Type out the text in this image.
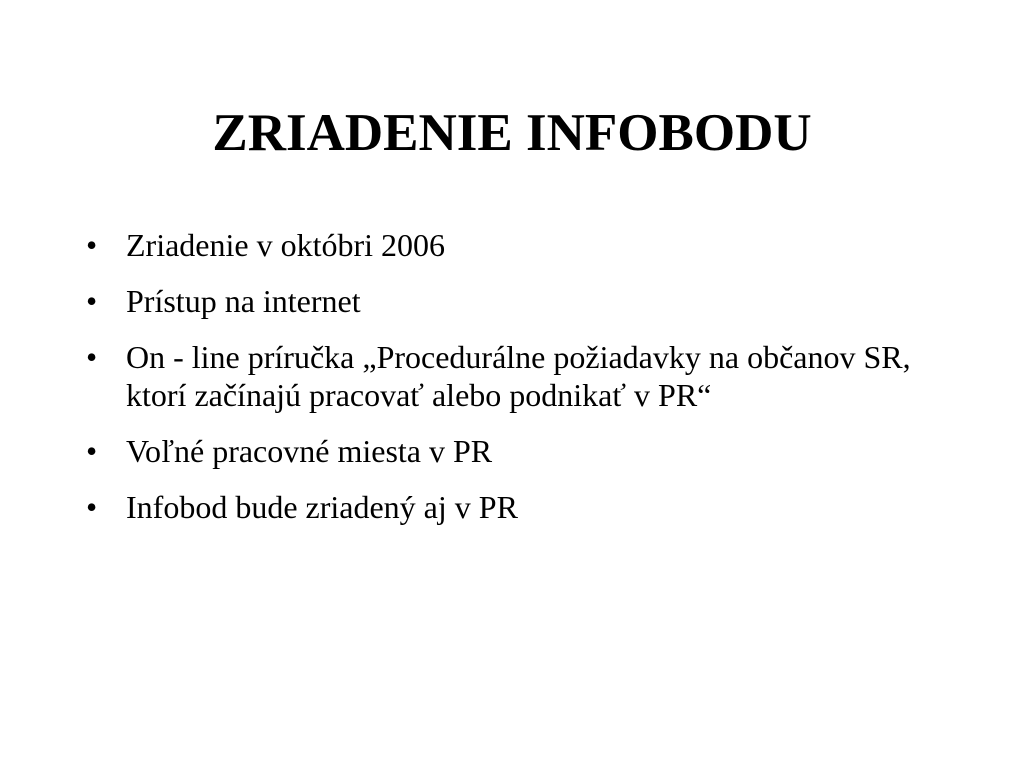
ZRIADENIE INFOBODU
• Zriadenie v októbri 2006
• Prístup na internet
• On - line príručka „Procedurálne požiadavky na občanov SR, ktorí začínajú pracovať alebo podnikať v PR“
• Voľné pracovné miesta v PR
• Infobod bude zriadený aj v PR
